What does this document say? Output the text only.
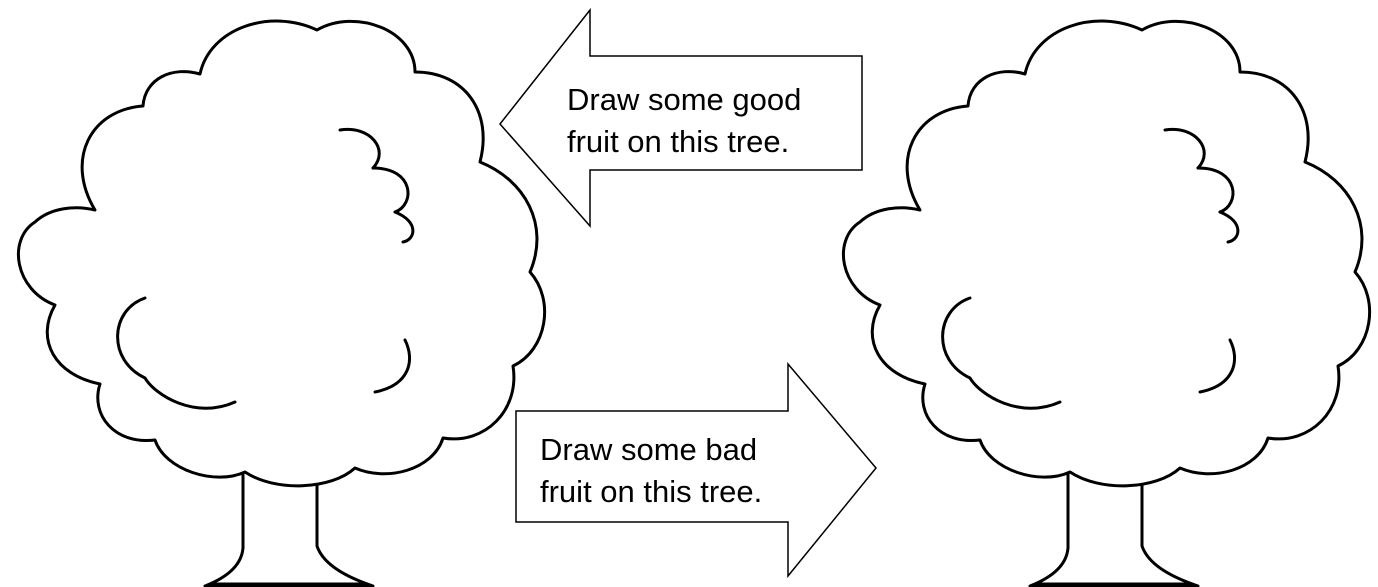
Draw some good
fruit on this tree.
Draw some bad
fruit on this tree.
